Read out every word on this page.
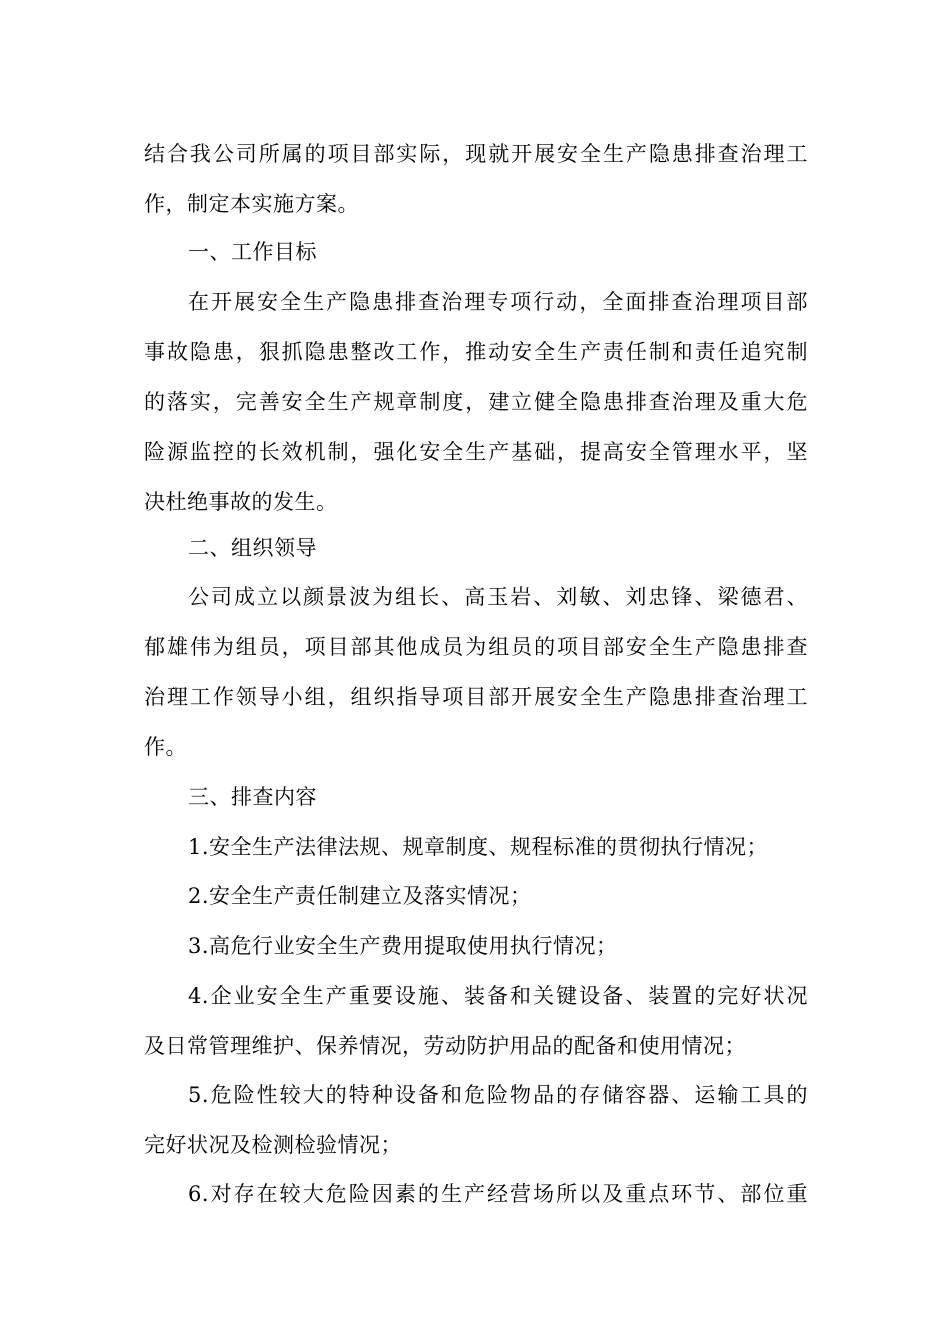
结合我公司所属的项目部实际，现就开展安全生产隐患排查治理工
作，制定本实施方案。
一、工作目标
在开展安全生产隐患排查治理专项行动，全面排查治理项目部
事故隐患，狠抓隐患整改工作，推动安全生产责任制和责任追究制
的落实，完善安全生产规章制度，建立健全隐患排查治理及重大危
险源监控的长效机制，强化安全生产基础，提高安全管理水平，坚
决杜绝事故的发生。
二、组织领导
公司成立以颜景波为组长、高玉岩、刘敏、刘忠锋、梁德君、
郁雄伟为组员，项目部其他成员为组员的项目部安全生产隐患排查
治理工作领导小组，组织指导项目部开展安全生产隐患排查治理工
作。
三、排查内容
1.安全生产法律法规、规章制度、规程标准的贯彻执行情况；
2.安全生产责任制建立及落实情况；
3.高危行业安全生产费用提取使用执行情况；
4.企业安全生产重要设施、装备和关键设备、装置的完好状况
及日常管理维护、保养情况，劳动防护用品的配备和使用情况；
5.危险性较大的特种设备和危险物品的存储容器、运输工具的
完好状况及检测检验情况；
6.对存在较大危险因素的生产经营场所以及重点环节、部位重
